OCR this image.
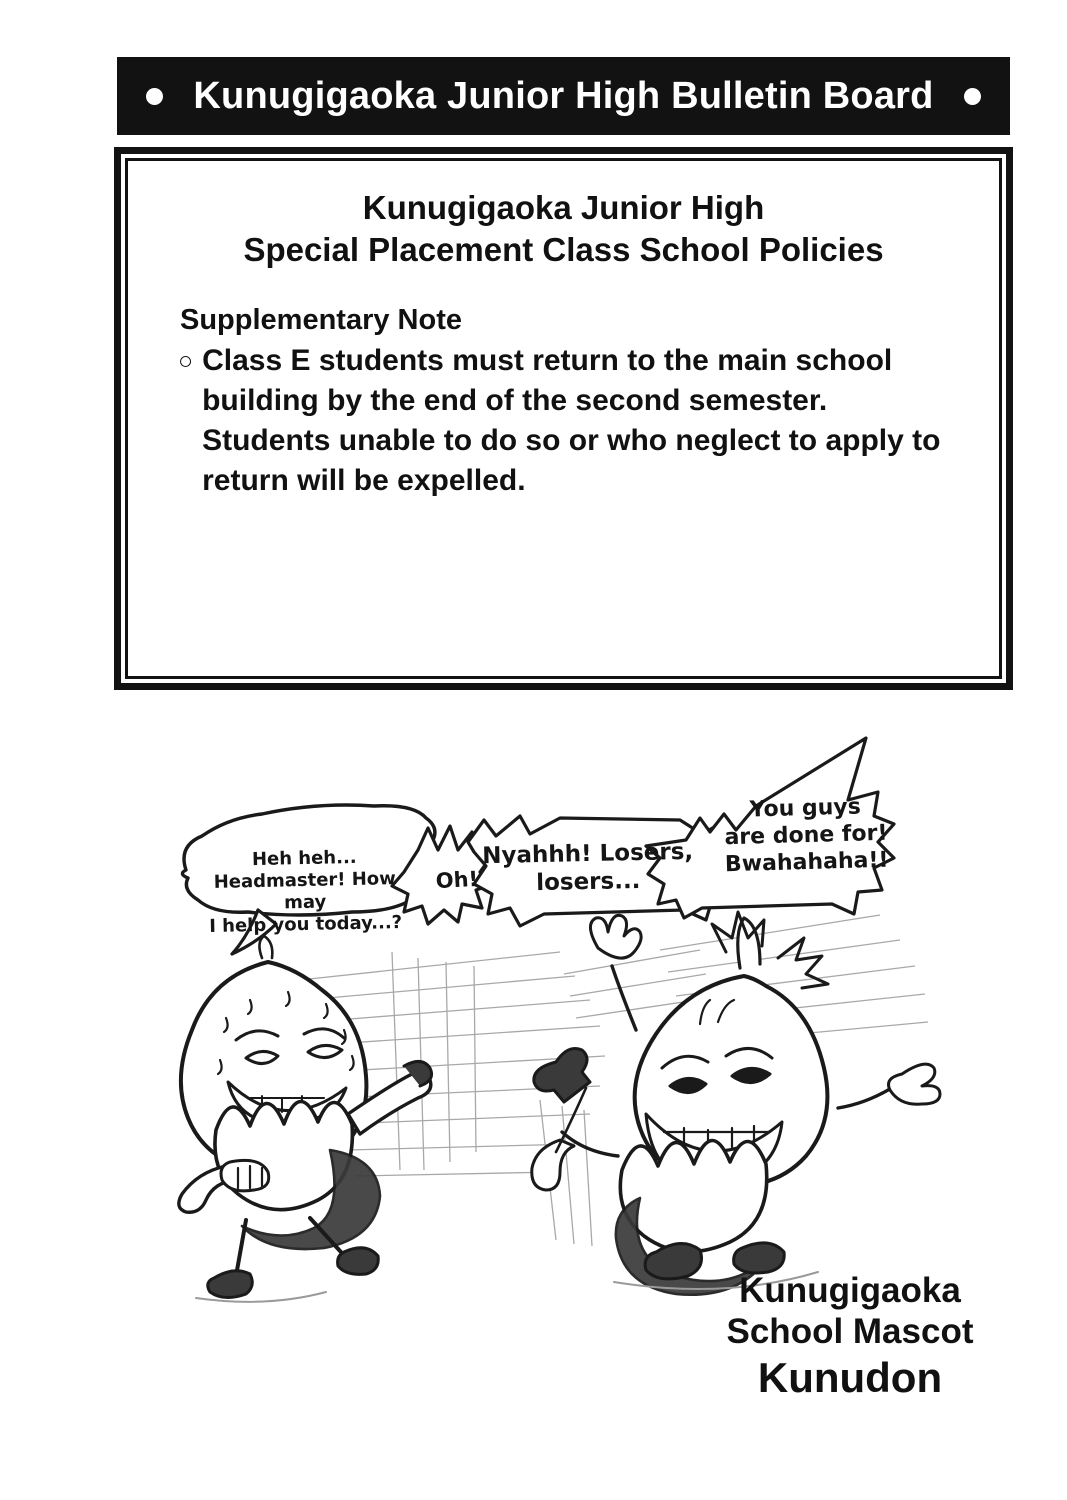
Kunugigaoka Junior High Bulletin Board
Kunugigaoka Junior High
Special Placement Class School Policies
Supplementary Note
○ Class E students must return to the main school building by the end of the second semester. Students unable to do so or who neglect to apply to return will be expelled.
Heh heh...
Headmaster! How may
I help you today...?
Oh!
Nyahhh! Losers,
losers...
You guys
are done for!
Bwahahaha!!
Kunugigaoka
School Mascot
Kunudon
